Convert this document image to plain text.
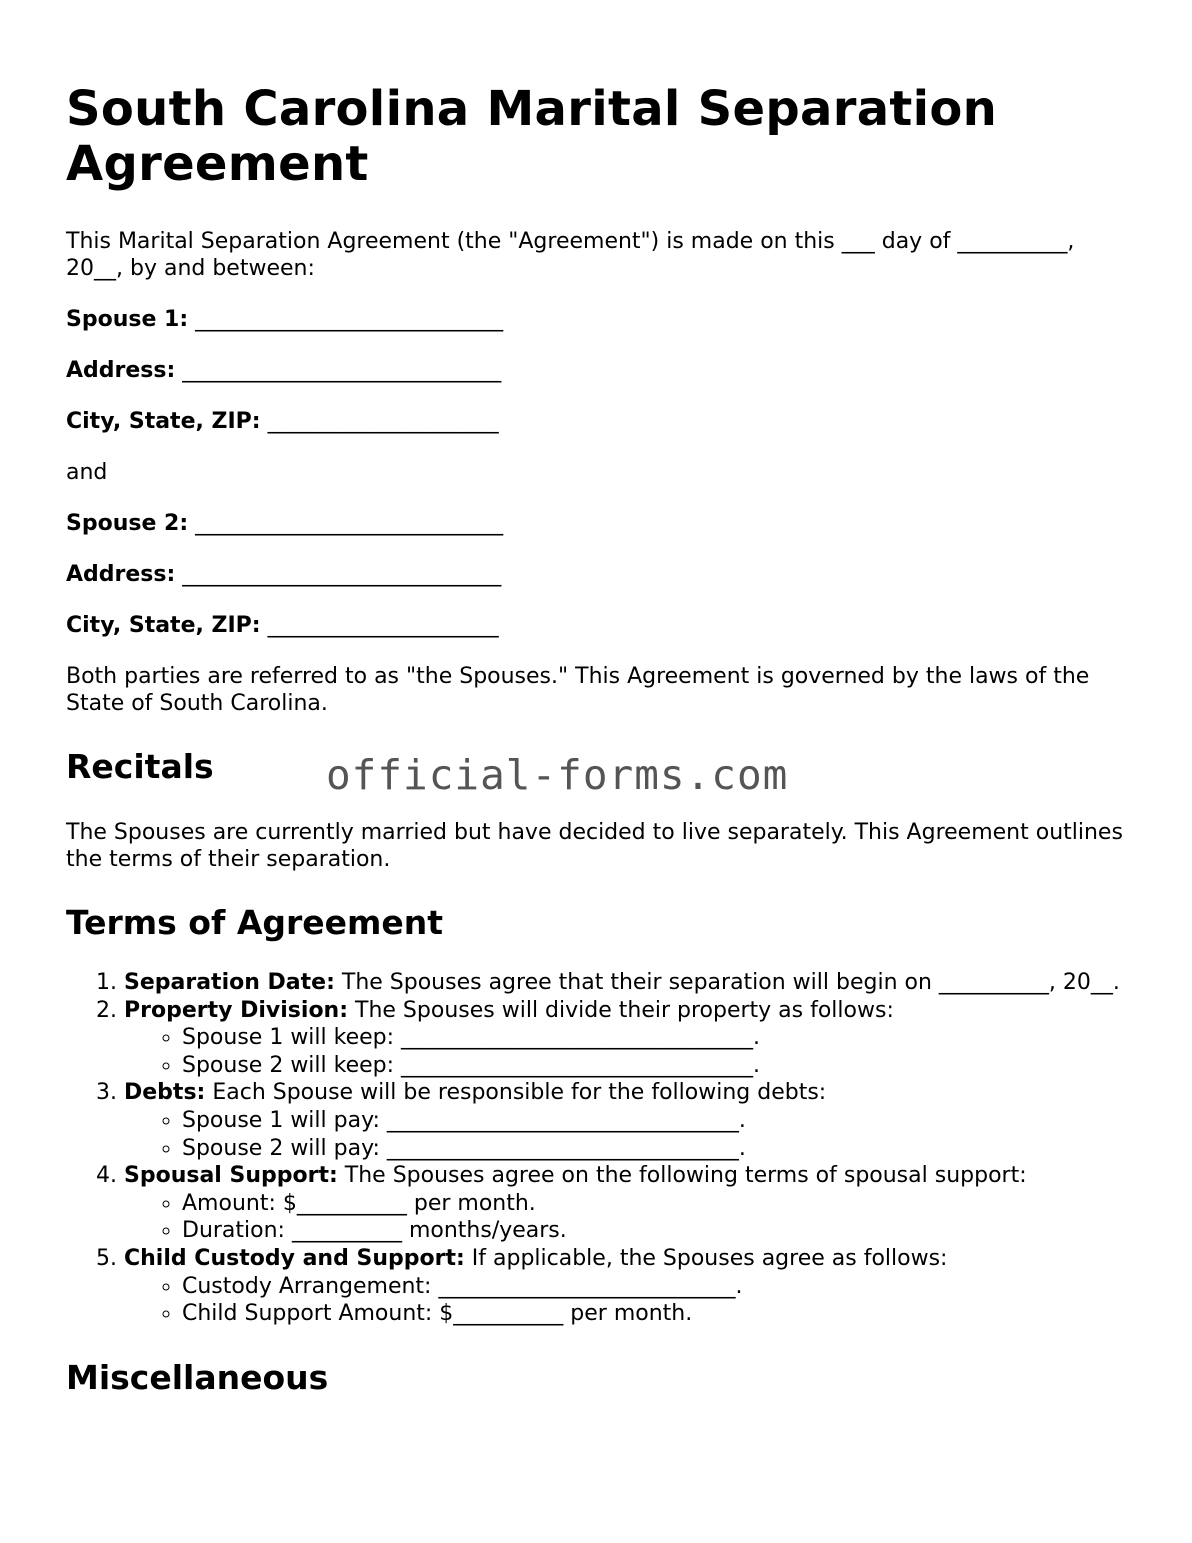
South Carolina Marital Separation Agreement

This Marital Separation Agreement (the "Agreement") is made on this ___ day of __________, 20__, by and between:

Spouse 1: ____________________________
Address: _____________________________
City, State, ZIP: _____________________

and

Spouse 2: ____________________________
Address: _____________________________
City, State, ZIP: _____________________

Both parties are referred to as "the Spouses." This Agreement is governed by the laws of the State of South Carolina.

Recitals	official-forms.com

The Spouses are currently married but have decided to live separately. This Agreement outlines the terms of their separation.

Terms of Agreement
1. Separation Date: The Spouses agree that their separation will begin on __________, 20__.
2. Property Division: The Spouses will divide their property as follows:
◦ Spouse 1 will keep: ________________________________.
◦ Spouse 2 will keep: ________________________________.
3. Debts: Each Spouse will be responsible for the following debts:
◦ Spouse 1 will pay: ________________________________.
◦ Spouse 2 will pay: ________________________________.
4. Spousal Support: The Spouses agree on the following terms of spousal support:
◦ Amount: $__________ per month.
◦ Duration: __________ months/years.
5. Child Custody and Support: If applicable, the Spouses agree as follows:
◦ Custody Arrangement: ___________________________.
◦ Child Support Amount: $__________ per month.
Miscellaneous
